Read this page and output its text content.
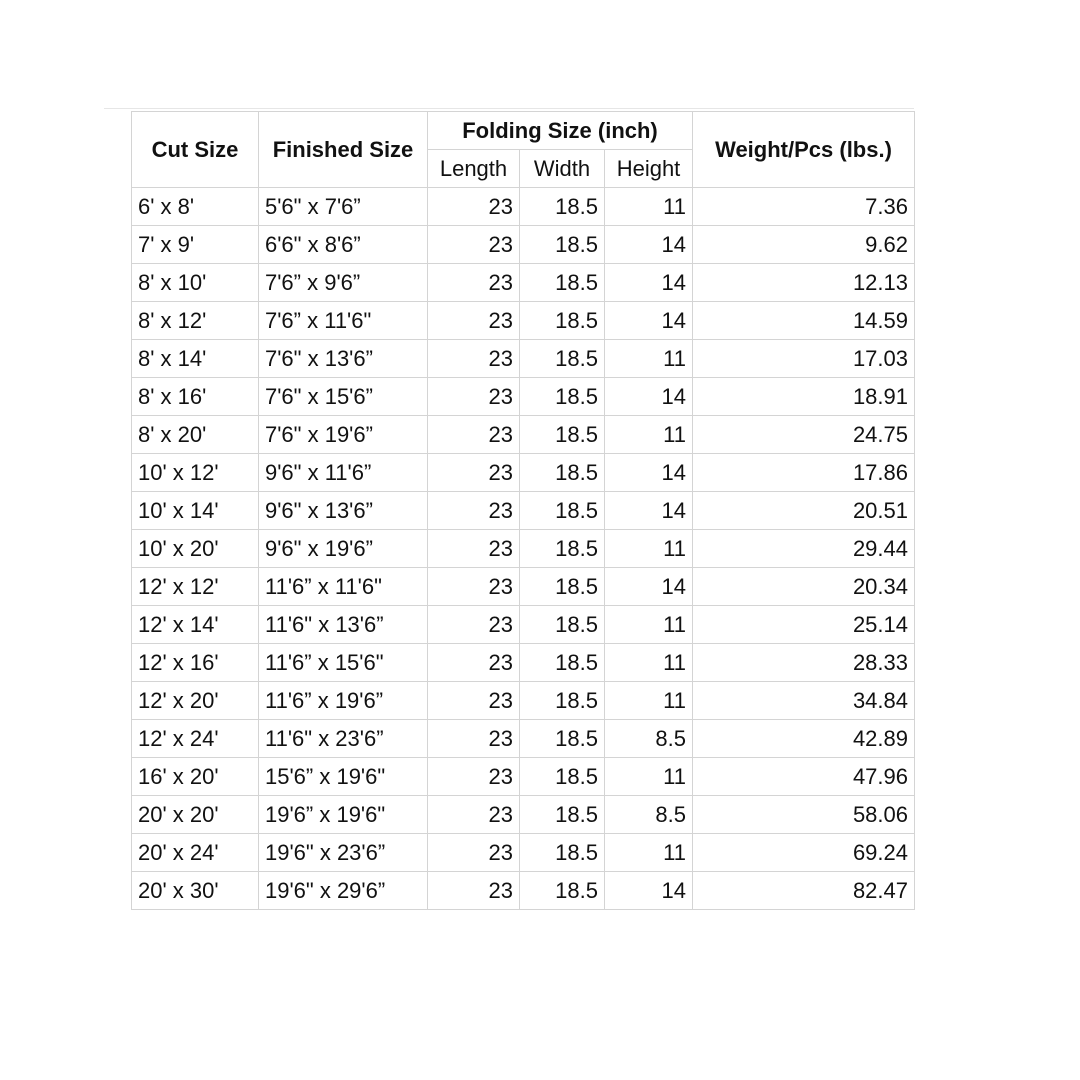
Cut Size	Finished Size	Folding Size (inch)			Weight/Pcs (lbs.)
		Length	Width	Height	
6' x 8'	5'6" x 7'6”	23	18.5	11	7.36
7' x 9'	6'6" x 8'6”	23	18.5	14	9.62
8' x 10'	7'6” x 9'6”	23	18.5	14	12.13
8' x 12'	7'6” x 11'6"	23	18.5	14	14.59
8' x 14'	7'6" x 13'6”	23	18.5	11	17.03
8' x 16'	7'6" x 15'6”	23	18.5	14	18.91
8' x 20'	7'6" x 19'6”	23	18.5	11	24.75
10' x 12'	9'6" x 11'6”	23	18.5	14	17.86
10' x 14'	9'6" x 13'6”	23	18.5	14	20.51
10' x 20'	9'6" x 19'6”	23	18.5	11	29.44
12' x 12'	11'6” x 11'6"	23	18.5	14	20.34
12' x 14'	11'6" x 13'6”	23	18.5	11	25.14
12' x 16'	11'6” x 15'6"	23	18.5	11	28.33
12' x 20'	11'6” x 19'6”	23	18.5	11	34.84
12' x 24'	11'6" x 23'6”	23	18.5	8.5	42.89
16' x 20'	15'6” x 19'6"	23	18.5	11	47.96
20' x 20'	19'6” x 19'6"	23	18.5	8.5	58.06
20' x 24'	19'6" x 23'6”	23	18.5	11	69.24
20' x 30'	19'6" x 29'6”	23	18.5	14	82.47
